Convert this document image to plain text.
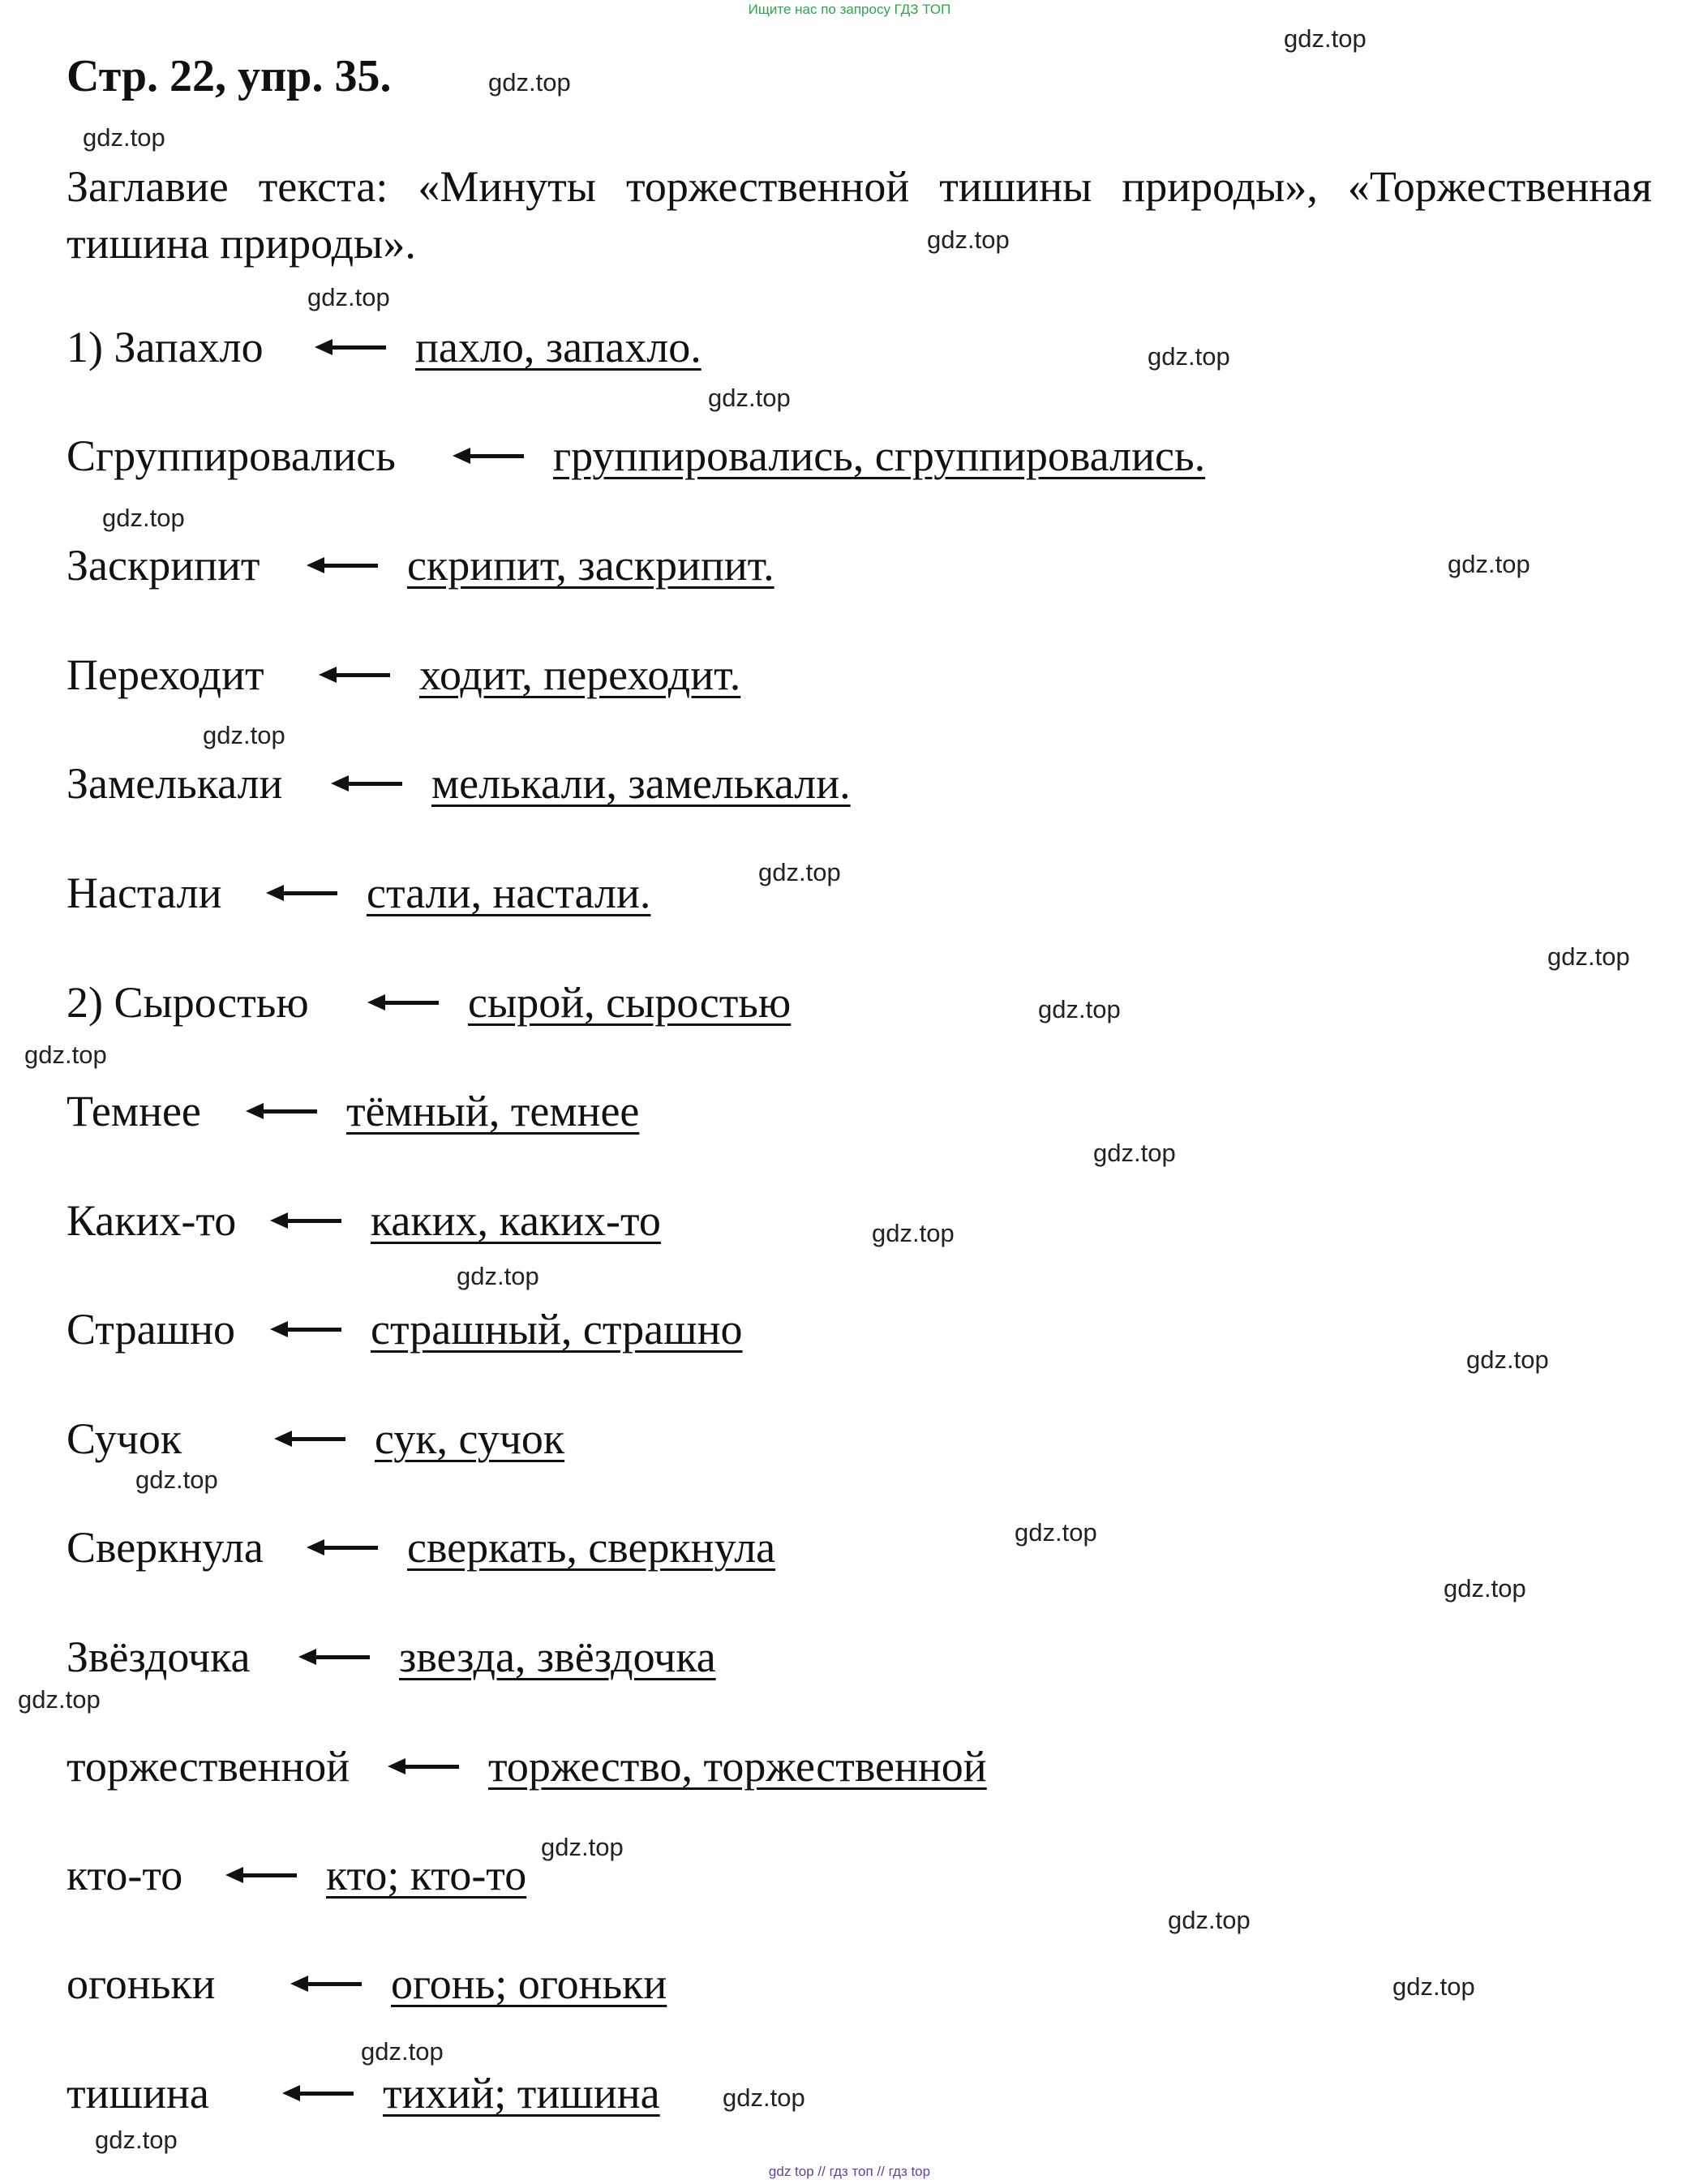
Ищите нас по запросу ГДЗ ТОП
Стр. 22, упр. 35.
Заглавие текста: «Минуты торжественной тишины природы», «Торжественная тишина природы».
gdz.top
gdz.top
gdz.top
gdz.top
gdz.top
gdz.top
gdz.top
gdz.top
gdz.top
gdz.top
gdz.top
gdz.top
gdz.top
gdz.top
gdz.top
gdz.top
gdz.top
gdz.top
gdz.top
gdz.top
gdz.top
gdz.top
gdz.top
gdz.top
gdz.top
gdz.top
gdz.top
gdz.top
1) Запахло	пахло, запахло.
Сгруппировались	группировались, сгруппировались.
Заскрипит	скрипит, заскрипит.
Переходит	ходит, переходит.
Замелькали	мелькали, замелькали.
Настали	стали, настали.
2) Сыростью	сырой, сыростью
Темнее	тёмный, темнее
Каких-то	каких, каких-то
Страшно	страшный, страшно
Сучок	сук, сучок
Сверкнула	сверкать, сверкнула
Звёздочка	звезда, звёздочка
торжественной	торжество, торжественной
кто-то	кто; кто-то
огоньки	огонь; огоньки
тишина	тихий; тишина
gdz top // гдз топ // гдз top
